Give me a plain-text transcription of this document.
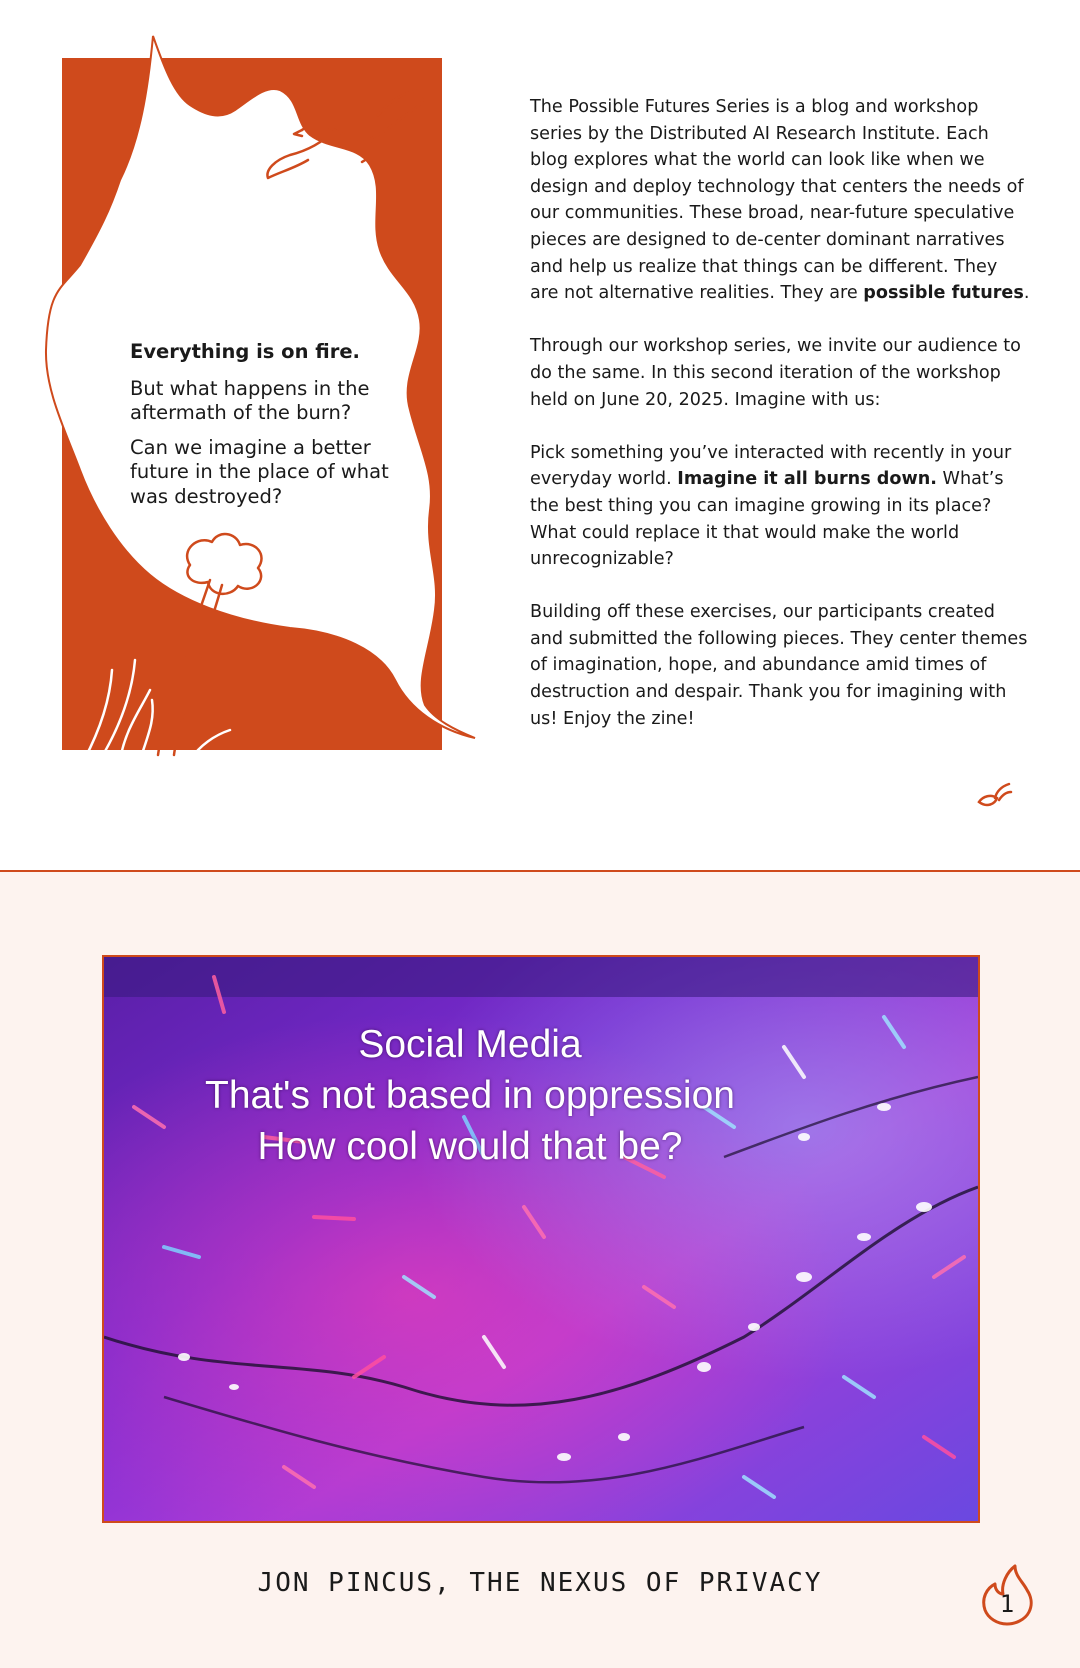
Everything is on fire.

But what happens in the aftermath of the burn?

Can we imagine a better future in the place of what was destroyed?

The Possible Futures Series is a blog and workshop series by the Distributed AI Research Institute. Each blog explores what the world can look like when we design and deploy technology that centers the needs of our communities. These broad, near-future speculative pieces are designed to de-center dominant narratives and help us realize that things can be different. They are not alternative realities. They are possible futures.

Through our workshop series, we invite our audience to do the same. In this second iteration of the workshop held on June 20, 2025. Imagine with us:

Pick something you’ve interacted with recently in your everyday world. Imagine it all burns down. What’s the best thing you can imagine growing in its place? What could replace it that would make the world unrecognizable?

Building off these exercises, our participants created and submitted the following pieces. They center themes of imagination, hope, and abundance amid times of destruction and despair. Thank you for imagining with us! Enjoy the zine!

Social Media
That's not based in oppression
How cool would that be?
JON PINCUS, THE NEXUS OF PRIVACY
1
